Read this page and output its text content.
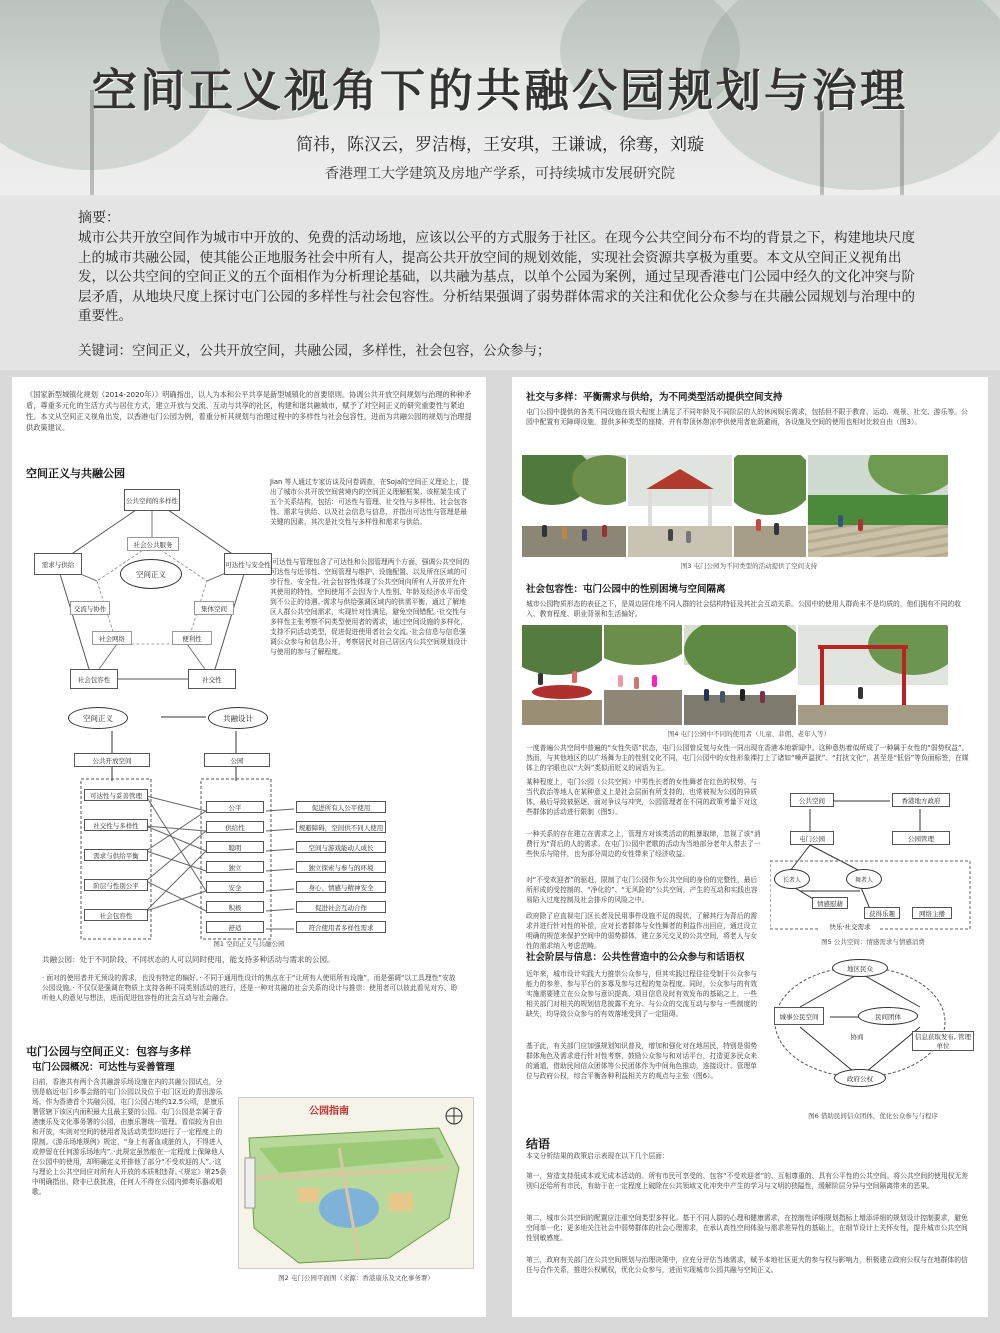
空间正义视角下的共融公园规划与治理
简祎，陈汉云，罗洁梅，王安琪，王谦诚，徐骞，刘璇
香港理工大学建筑及房地产学系，可持续城市发展研究院
摘要：
城市公共开放空间作为城市中开放的、免费的活动场地，应该以公平的方式服务于社区。在现今公共空间分布不均的背景之下，构建地块尺度上的城市共融公园，使其能公正地服务社会中所有人，提高公共开放空间的规划效能，实现社会资源共享极为重要。本文从空间正义视角出发，以公共空间的空间正义的五个面相作为分析理论基础，以共融为基点，以单个公园为案例，通过呈现香港屯门公园中经久的文化冲突与阶层矛盾，从地块尺度上探讨屯门公园的多样性与社会包容性。分析结果强调了弱势群体需求的关注和优化公众参与在共融公园规划与治理中的重要性。
关键词：空间正义，公共开放空间，共融公园，多样性，社会包容，公众参与；
《国家新型城镇化规划（2014-2020年）》明确指出，以人为本和公平共享是新型城镇化的首要原则。协调公共开放空间规划与治理的种种矛盾，尊重多元化的生活方式与居住方式，建立开放与交流、互动与共享的社区，构建和谐共融城市，赋予了对空间正义的研究重要性与紧迫性。本文从空间正义视角出发，以香港屯门公园为例，着重分析其规划与治理过程中的多样性与社会包容性，进而为共融公园的规划与治理提供政策建议。
空间正义与共融公园
空间正义
公共空间的多样性
可达性与安全性
社交性
社会包容性
需求与供给
社会公共服务
集体空间
便利性
社会网络
交流与协作
Jian 等人通过专家访谈及问卷调查，在Soja的空间正义理论上，提出了城市公共开放空间营境内的空间正义理解框架。该框架生成了五个关系结构，包括：可达性与管理、社交性与多样性、社会包容性、需求与供给、以及社会信息与信息，并指出可达性与管理是最关键的因素，其次是社交性与多样性和需求与供给。
·可达性与管理包含了可达性和公园管理两个方面，强调公共空间的可达性与近邻性、空间管理与维护、设施配置、以及所在区域的可步行性、安全性。·社会包容性体现了公共空间向所有人开放并允许其使用的特性，空间使用不会因为个人性别、年龄及经济水平而受到不公正的待遇。·需求与供给强调区域内的供需平衡，通过了解地区人群公共空间需求，实现针对性满足，避免空间错配。·社交性与多样性主张考察不同类型使用者的需求，通过空间设施的多样化，支持不同活动类型，促进促进使用者社会交流。·社会信息与信息强调公众参与和信息公开，考察居民对自己居区内公共空间规划设计与使用的参与了解程度。
空间正义	共融设计
公共开放空间	公园
可达性与妥善管理
社交性与多样性
需求与供给平衡
阶层与性别公平
社会包容性
公平
供给性
聪明
独立
安全
积极
舒适
促进所有人公平使用
规避障碍，空间供不同人使用
空间与游戏能动人成长
独立探索与参与的环境
身心、情感与精神安全
促进社会互动合作
符合使用者多样性需求
图1 空间正义与共融公园
共融公园：处于不同阶段、不同状态的人可以同时使用，能支持多种活动与需求的公园。
· 面对的使用者并无预设的需求，也没有特定的偏好。· 不同于通用性设计的焦点在于“让所有人使用所有设施”，而是强调“以工具理性”安放公园设施。· 不仅仅是强调在物质上支持各种不同类别活动的进行，还是一种对共融的社会关系的设计与推崇：使用者可以彼此看见对方、聆听他人的意见与想法，进而促进包容性的社会互动与社会融合。
屯门公园与空间正义：包容与多样
屯门公园概况：可达性与妥善管理
目前，香港共有两个含共融游乐场设施在内的共融公园试点，分别是临近屯门乡事会路的屯门公园以及位于屯门区近的青田游乐场。作为香港首个共融公园，屯门公园占地约12.5公顷，是康乐署管辖下该区内面积最大且最主要的公园。屯门公园是亲属于香港康乐及文化事务署的公园，由康乐署统一管理。看似较为自由和开放，实则对空间的使用者及活动类型均进行了一定程度上的限制。《游乐场地规例》规定，“身上有著血或脏的人，不得进入或停留在任何游乐场地内”。·此规定虽然能在一定程度上保障他人在公园中的使用，却明确定义并排他了部分“不受欢迎的人”。·这与理论上公共空间应对所有人开放的本质相违背。·《规定》第25条中明确指出，除非已获批准，任何人不得在公园内弹奏乐器或唱歌。
公园指南
图2 屯门公园平面图（来源：香港康乐及文化事务署）
社交与多样：平衡需求与供给，为不同类型活动提供空间支持
屯门公园中提供的各类不同设施在很大程度上满足了不同年龄及不同阶层的人的休闲娱乐需求，包括但不限于教育、运动、观景、社交、游乐等。公园中配置有无障碍设施，提供多种类型的座椅，并有带顶休憩凉亭供使用者庇荫避雨，各设施及空间的使用也相对比较自由（图3）。
图3 屯门公园为不同类型的活动提供了空间支持
社会包容性：屯门公园中的性别困境与空间隔离
城市公园物质形态的表征之下，是周边居住地不同人群的社会结构特征及其社会互动关系。公园中的使用人群尚未不是均质的，他们拥有不同的收入、教育程度、职业背景和生活偏好。
图4 屯门公园中不同的使用者（儿童、菲佣、老年人等）
一度普遍公共空间中普遍的“女性失语”状态，屯门公园曾反复与女性一同出现在香港本地新闻中。这种意热着似所成了一种属于女性的“弱势权益”。然而，与其他地区的以广场舞为主的性别文化不同，屯门公园中的女性形象裸打上了诸如“噪声温扰”、“打扰文化”，甚至是“低俗”等负面标签，在媒体上的字眼也以“大妈”类似而贬义的词语为主。
某种程度上，屯门公园（公共空间）中男性长者的女性舞者在红色的权势、与当代政治等地人在某种意义上是社会层面有所支持的，也常被视为公园的异质体，最后导致被驱逐，面对争议与冲突，公园管理者在不同的政策考量下对这些群体的活动进行限制（图5）。
一种关系的存在建立在需求之上，管理方对该类活动的粗暴取缔，忽视了该“消费行为”背后的人的需求。在屯门公园中老歌的活动为当地部分老年人带去了一些快乐与陪伴，也为部分周边的女性带来了经济收益。
对“不受欢迎者”的驱赶，限制了屯门公园作为公共空间的身份的完整性，最后所形成的受控制的、“净化的”、“无风险的”公共空间，产生的互动和实践也容易陷入过度控制及社会排斥的风险之中。
政府除了应直视屯门区长者及民用事件设施不足的现状，了解其行为背后的需求并进行针对性的补偿，应对长者群体与女性舞者的利益作出回应，通过设立明确的规范来保护空间中的弱势群体，建立多元交叉的公共空间，将老人与女性的需求纳入考虑范畴。
公共空间	香港地方政府
屯门公园	公园管理
长者人	舞者人
情感慰藉
获得乐趣	网络主播
快乐·社交需求
图5 公共空间：情感需求与情感消费
社会阶层与信息：公共性营造中的公众参与和话语权
近年来，城市设计实践大力推崇公众参与，但其实践过程往往受制于公众参与能力的参差、参与平台的多寡及参与过程的复杂程度。同时，公众参与的有效实施需要建立在公众参与意识提高、项目信息及时有效发布的基础之上，一些相关部门对相关的规划信息披露不充分、与公众的交流互动与参与一些制度的缺失，均导致公众参与的有效落地受到了一定阻碍。
基于此，有关部门应加强规划知识普及，增加和强化对在地居民，特别是弱势群体角色及需求进行针对性考察，鼓励公众参与和对话平台，打造更多民众来的通道，借助民间信众团体等公民团体作为中间角色推动，连接设计、管理单位与政府公权，综合平衡各种利益相关方的观点与主张（图6）。
地区民众
城事公民空间	民间团体
政府公权
信息获取发布, 管理单位
协商
图6 借助民间信众团体，优化公众参与与程序
结语
本文分析结果的政策启示表现在以下几个层面：
第一，营造支持低成本或无成本活动的、所有市民可享受的、包容“不受欢迎者”的、互相尊重的、具有公平性的公共空间。将公共空间的使用权无差别归还给所有市民，有助于在一定程度上破除在公共领域文化冲突中产生的学习与文明的狭隘性，缓解阶层分异与空间隔离带来的恶果。
第二，城市公共空间的配置应注重空间类型多样化。基于不同人群的心理和健康需求，在控制性详细规划指标上增添详细的规划设计控制要求，避免空间单一化；更多地关注社会中弱势群体的社会心理需求，在承认高性空间体验与需求差异性的基础上，在细节设计上关怀女性，提升城市公共空间性别敏感度。
第三，政府有关部门在公共空间规划与治理决策中，应充分评估当地需求，赋予本地社区更大的参与权与影响力，积极建立政府公权与在地群体的信任与合作关系，推进公权赋权，优化公众参与，进而实现城市公园共融与空间正义。
